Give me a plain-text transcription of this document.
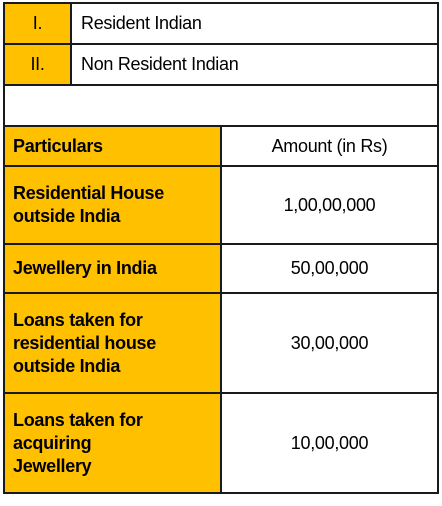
I.	Resident Indian	
II.	Non Resident Indian	

Particulars		Amount (in Rs)
Residential House
outside India		1,00,00,000
Jewellery in India		50,00,000
Loans taken for
residential house
outside India		30,00,000
Loans taken for
acquiring
Jewellery		10,00,000
